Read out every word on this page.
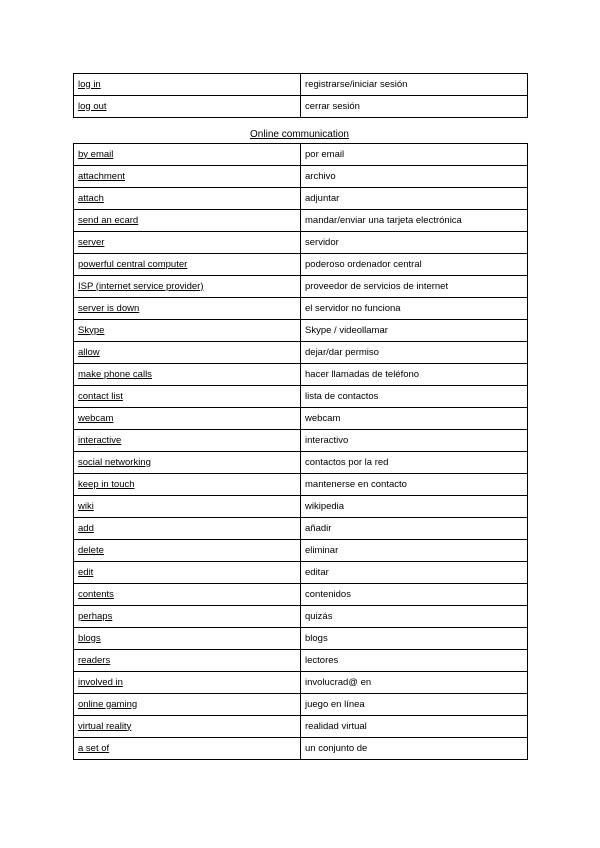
log in	registrarse/iniciar sesión
log out	cerrar sesión
Online communication
by email	por email
attachment	archivo
attach	adjuntar
send an ecard	mandar/enviar una tarjeta electrónica
server	servidor
powerful central computer	poderoso ordenador central
ISP (internet service provider)	proveedor de servicios de internet
server is down	el servidor no funciona
Skype	Skype / videollamar
allow	dejar/dar permiso
make phone calls	hacer llamadas de teléfono
contact list	lista de contactos
webcam	webcam
interactive	interactivo
social networking	contactos por la red
keep in touch	mantenerse en contacto
wiki	wikipedia
add	añadir
delete	eliminar
edit	editar
contents	contenidos
perhaps	quizás
blogs	blogs
readers	lectores
involved in	involucrad@ en
online gaming	juego en línea
virtual reality	realidad virtual
a set of	un conjunto de
